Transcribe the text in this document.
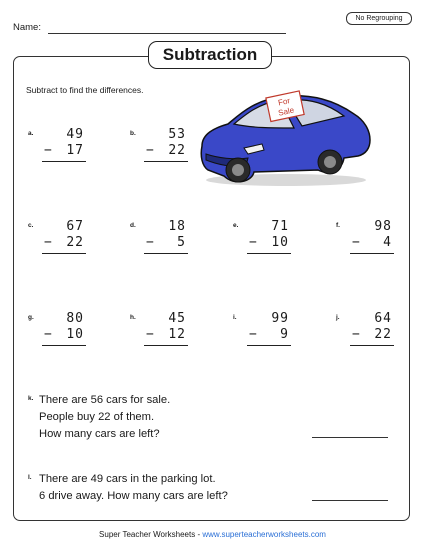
Name:
No Regrouping
Subtraction
Subtract to find the differences.
For
Sale
a.	49
− 17
b.	53
− 22
c.	67
− 22
d.	18
− 5
e.	71
− 10
f.	98
− 4
g.	80
− 10
h.	45
− 12
i.	99
− 9
j.	64
− 22
k. There are 56 cars for sale.
People buy 22 of them.
How many cars are left?
l. There are 49 cars in the parking lot.
6 drive away. How many cars are left?
Super Teacher Worksheets - www.superteacherworksheets.com
